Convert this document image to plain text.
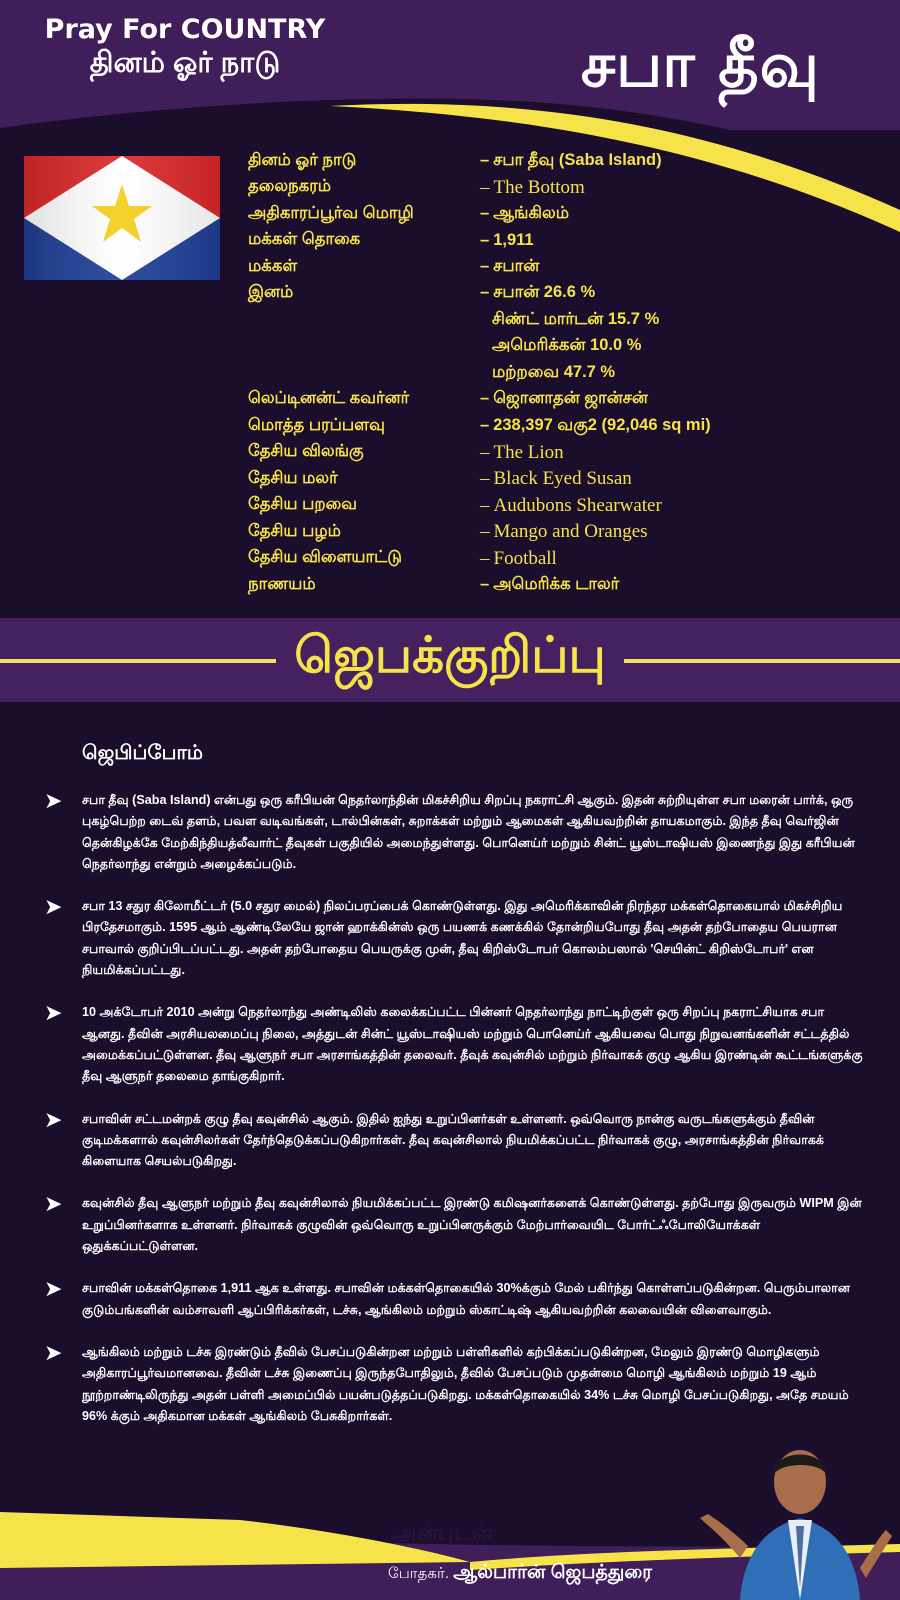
Pray For COUNTRY
தினம் ஓர் நாடு	சபா தீவு
தினம் ஓர் நாடு	– சபா தீவு (Saba Island)
தலைநகரம்	– The Bottom
அதிகாரப்பூர்வ மொழி	– ஆங்கிலம்
மக்கள் தொகை	– 1,911
மக்கள்	– சபான்
இனம்	– சபான் 26.6 %
சிண்ட் மார்டன் 15.7 %
அமெரிக்கன் 10.0 %
மற்றவை 47.7 %
லெப்டினன்ட் கவர்னர்	– ஜொனாதன் ஜான்சன்
மொத்த பரப்பளவு	– 238,397 வகு2 (92,046 sq mi)
தேசிய விலங்கு	– The Lion
தேசிய மலர்	– Black Eyed Susan
தேசிய பறவை	– Audubons Shearwater
தேசிய பழம்	– Mango and Oranges
தேசிய விளையாட்டு	– Football
நாணயம்	– அமெரிக்க டாலர்
ஜெபக்குறிப்பு
ஜெபிப்போம்
➤	சபா தீவு (Saba Island) என்பது ஒரு கரீபியன் நெதர்லாந்தின் மிகச்சிறிய சிறப்பு நகராட்சி ஆகும். இதன் சுற்றியுள்ள சபா மரைன் பார்க், ஒரு புகழ்பெற்ற டைவ் தளம், பவள வடிவங்கள், டால்பின்கள், சுறாக்கள் மற்றும் ஆமைகள் ஆகியவற்றின் தாயகமாகும். இந்த தீவு வெர்ஜின் தென்கிழக்கே மேற்கிந்தியத்லீவார்ட் தீவுகள் பகுதியில் அமைந்துள்ளது. பொனெய்ர் மற்றும் சின்ட் யூஸ்டாஷியஸ் இணைந்து இது கரீபியன் நெதர்லாந்து என்றும் அழைக்கப்படும்.
➤	சபா 13 சதுர கிலோமீட்டர் (5.0 சதுர மைல்) நிலப்பரப்பைக் கொண்டுள்ளது. இது அமெரிக்காவின் நிரந்தர மக்கள்தொகையால் மிகச்சிறிய பிரதேசமாகும். 1595 ஆம் ஆண்டிலேயே ஜான் ஹாக்கின்ஸ் ஒரு பயணக் கணக்கில் தோன்றியபோது தீவு அதன் தற்போதைய பெயரான சபாவால் குறிப்பிடப்பட்டது. அதன் தற்போதைய பெயருக்கு முன், தீவு கிறிஸ்டோபர் கொலம்பஸால் 'செயின்ட் கிறிஸ்டோபர்' என நியமிக்கப்பட்டது.
➤	10 அக்டோபர் 2010 அன்று நெதர்லாந்து அண்டிலிஸ் கலைக்கப்பட்ட பின்னர் நெதர்லாந்து நாட்டிற்குள் ஒரு சிறப்பு நகராட்சியாக சபா ஆனது. தீவின் அரசியலமைப்பு நிலை, அத்துடன் சின்ட் யூஸ்டாஷியஸ் மற்றும் பொனெய்ர் ஆகியவை பொது நிறுவனங்களின் சட்டத்தில் அமைக்கப்பட்டுள்ளன. தீவு ஆளுநர் சபா அரசாங்கத்தின் தலைவர். தீவுக் கவுன்சில் மற்றும் நிர்வாகக் குழு ஆகிய இரண்டின் கூட்டங்களுக்கு தீவு ஆளுநர் தலைமை தாங்குகிறார்.
➤	சபாவின் சட்டமன்றக் குழு தீவு கவுன்சில் ஆகும். இதில் ஐந்து உறுப்பினர்கள் உள்ளனர். ஒவ்வொரு நான்கு வருடங்களுக்கும் தீவின் குடிமக்களால் கவுன்சிலர்கள் தேர்ந்தெடுக்கப்படுகிறார்கள். தீவு கவுன்சிலால் நியமிக்கப்பட்ட நிர்வாகக் குழு, அரசாங்கத்தின் நிர்வாகக் கிளையாக செயல்படுகிறது.
➤	கவுன்சில் தீவு ஆளுநர் மற்றும் தீவு கவுன்சிலால் நியமிக்கப்பட்ட இரண்டு கமிஷனர்களைக் கொண்டுள்ளது. தற்போது இருவரும் WIPM இன் உறுப்பினர்களாக உள்ளனர். நிர்வாகக் குழுவின் ஒவ்வொரு உறுப்பினருக்கும் மேற்பார்வையிட போர்ட்ஃபோலியோக்கள் ஒதுக்கப்பட்டுள்ளன.
➤	சபாவின் மக்கள்தொகை 1,911 ஆக உள்ளது. சபாவின் மக்கள்தொகையில் 30%க்கும் மேல் பகிர்ந்து கொள்ளப்படுகின்றன. பெரும்பாலான குடும்பங்களின் வம்சாவளி ஆப்பிரிக்கர்கள், டச்சு, ஆங்கிலம் மற்றும் ஸ்காட்டிஷ் ஆகியவற்றின் கலவையின் விளைவாகும்.
➤	ஆங்கிலம் மற்றும் டச்சு இரண்டும் தீவில் பேசப்படுகின்றன மற்றும் பள்ளிகளில் கற்பிக்கப்படுகின்றன, மேலும் இரண்டு மொழிகளும் அதிகாரப்பூர்வமானவை. தீவின் டச்சு இணைப்பு இருந்தபோதிலும், தீவில் பேசப்படும் முதன்மை மொழி ஆங்கிலம் மற்றும் 19 ஆம் நூற்றாண்டிலிருந்து அதன் பள்ளி அமைப்பில் பயன்படுத்தப்படுகிறது. மக்கள்தொகையில் 34% டச்சு மொழி பேசப்படுகிறது, அதே சமயம் 96% க்கும் அதிகமான மக்கள் ஆங்கிலம் பேசுகிறார்கள்.
அன்புடன்
போதகர். ஆல்பார்ன் ஜெபத்துரை
